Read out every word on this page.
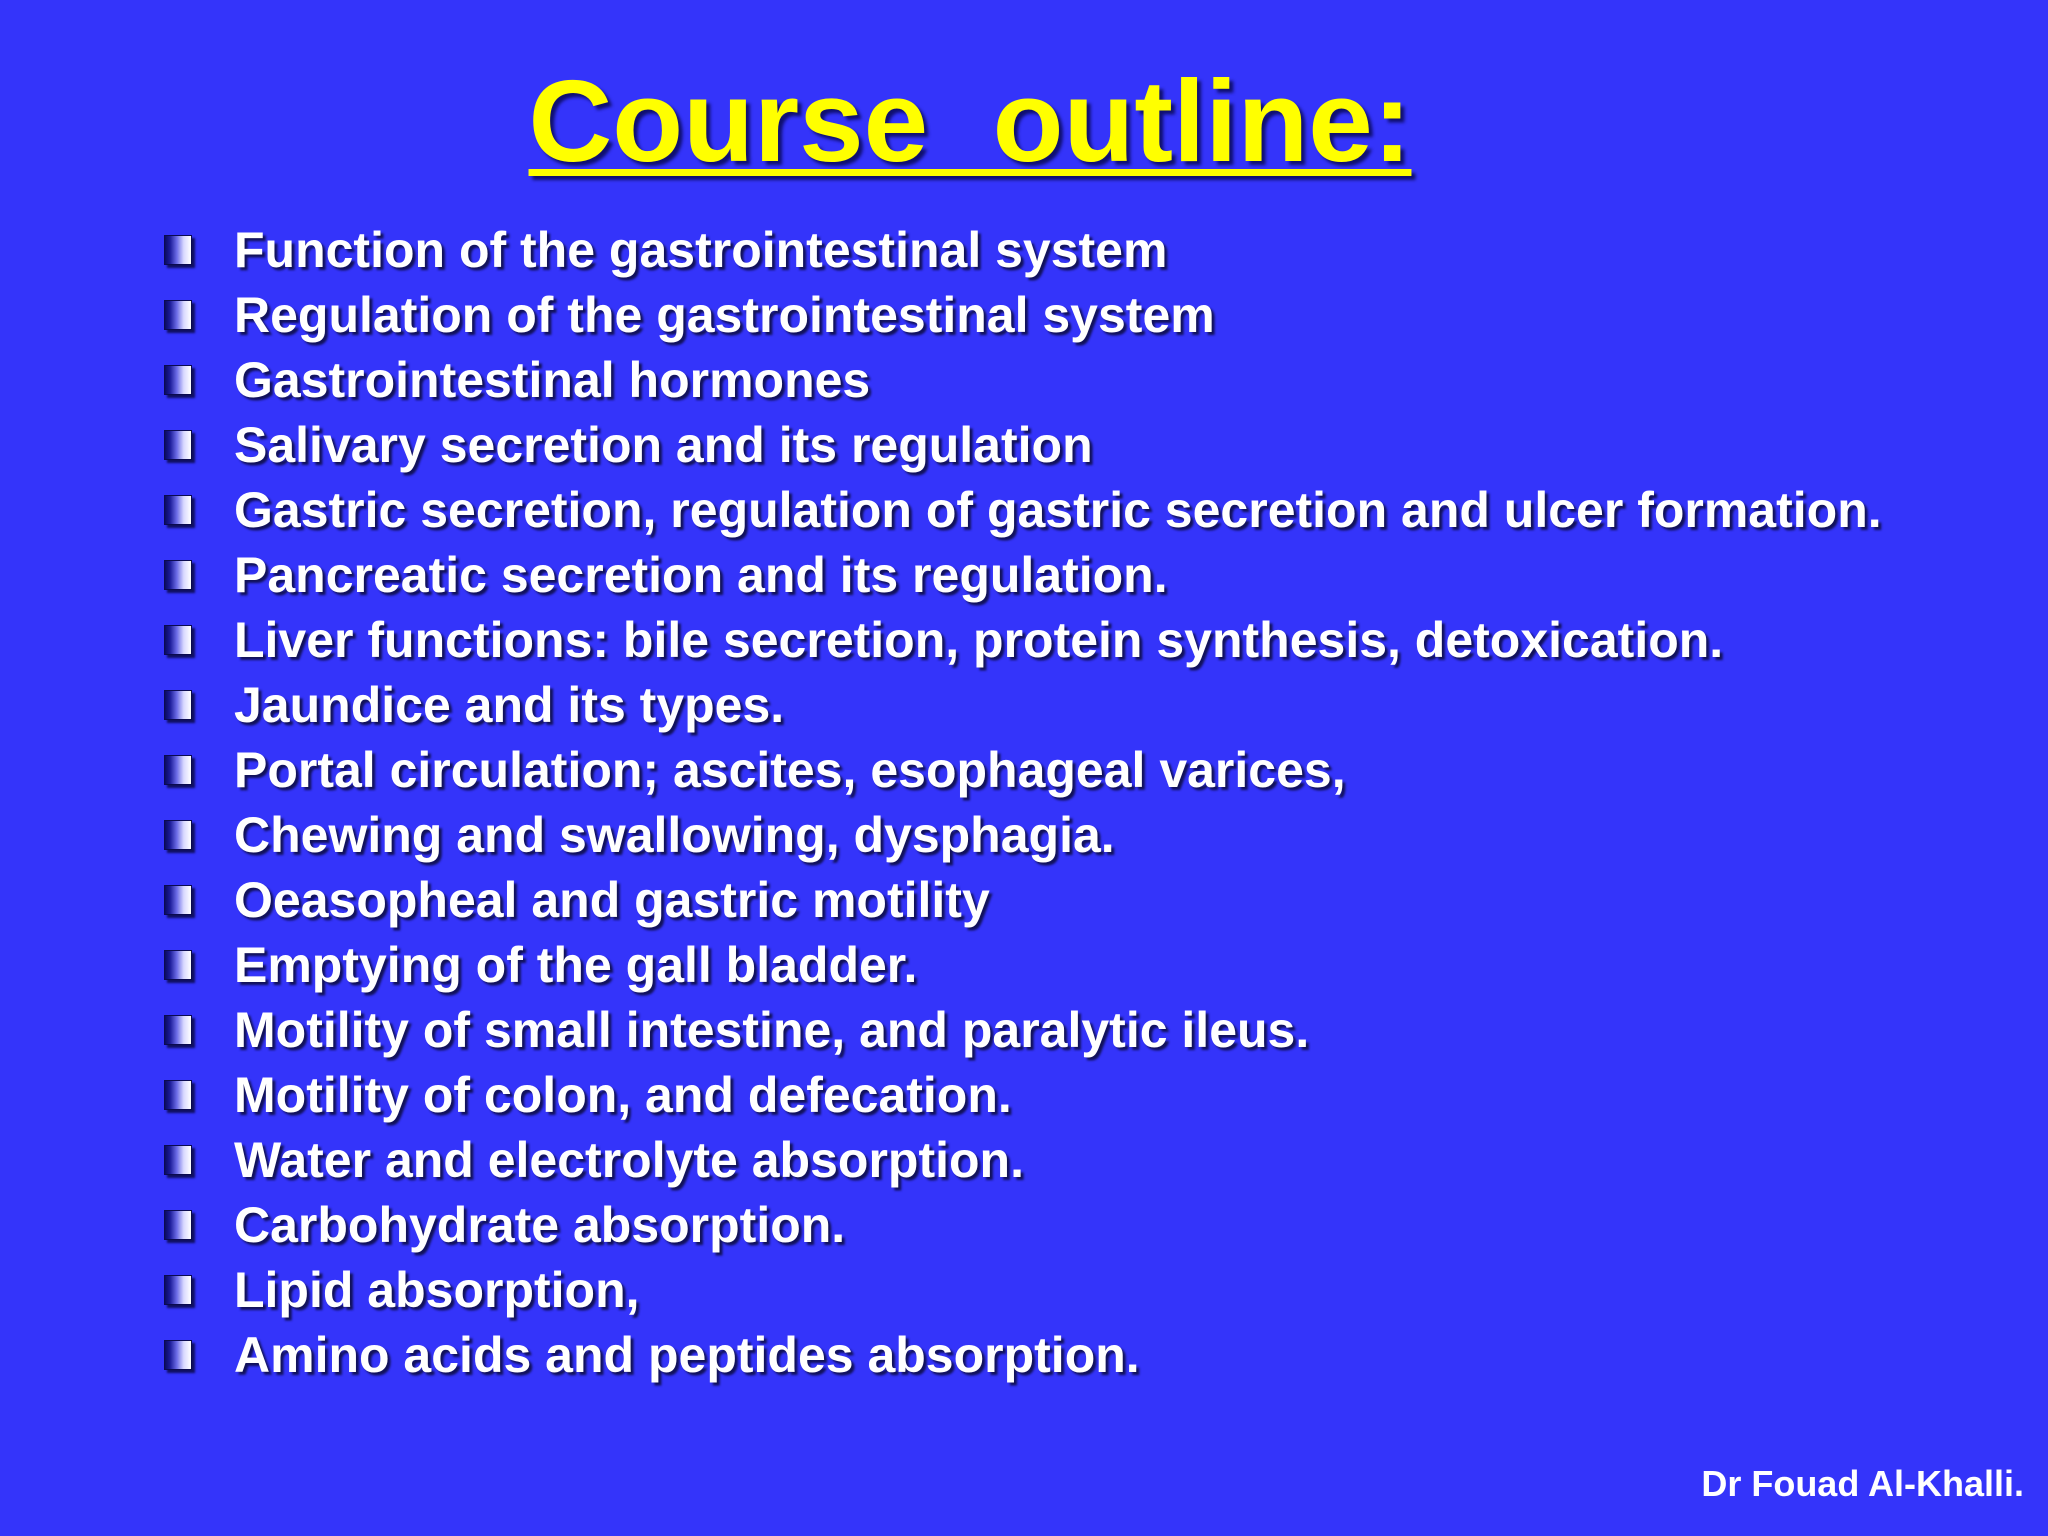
Course  outline:
Function of the gastrointestinal system
Regulation of the gastrointestinal system
Gastrointestinal hormones
Salivary secretion and its regulation
Gastric secretion, regulation of gastric secretion and ulcer formation.
Pancreatic secretion and its regulation.
Liver functions: bile secretion, protein synthesis, detoxication.
Jaundice and its types.
Portal circulation; ascites, esophageal varices,
Chewing and swallowing, dysphagia.
Oeasopheal and gastric motility
Emptying of the gall bladder.
Motility of small intestine, and paralytic ileus.
Motility of colon, and defecation.
Water and electrolyte absorption.
Carbohydrate absorption.
Lipid absorption,
Amino acids and peptides absorption.
Dr Fouad Al-Khalli.
